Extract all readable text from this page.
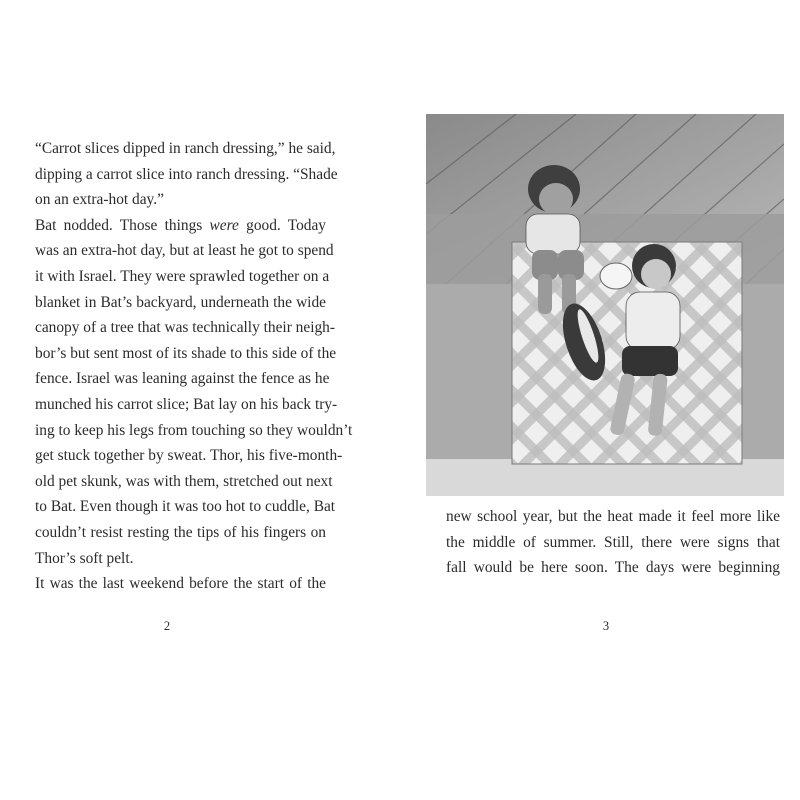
“Carrot slices dipped in ranch dressing,” he said,
dipping a carrot slice into ranch dressing. “Shade
on an extra-hot day.”
Bat nodded. Those things were good. Today
was an extra-hot day, but at least he got to spend
it with Israel. They were sprawled together on a
blanket in Bat’s backyard, underneath the wide
canopy of a tree that was technically their neigh-
bor’s but sent most of its shade to this side of the
fence. Israel was leaning against the fence as he
munched his carrot slice; Bat lay on his back try-
ing to keep his legs from touching so they wouldn’t
get stuck together by sweat. Thor, his five-month-
old pet skunk, was with them, stretched out next
to Bat. Even though it was too hot to cuddle, Bat
couldn’t resist resting the tips of his fingers on
Thor’s soft pelt.
It was the last weekend before the start of the
2
new school year, but the heat made it feel more like
the middle of summer. Still, there were signs that
fall would be here soon. The days were beginning
3
